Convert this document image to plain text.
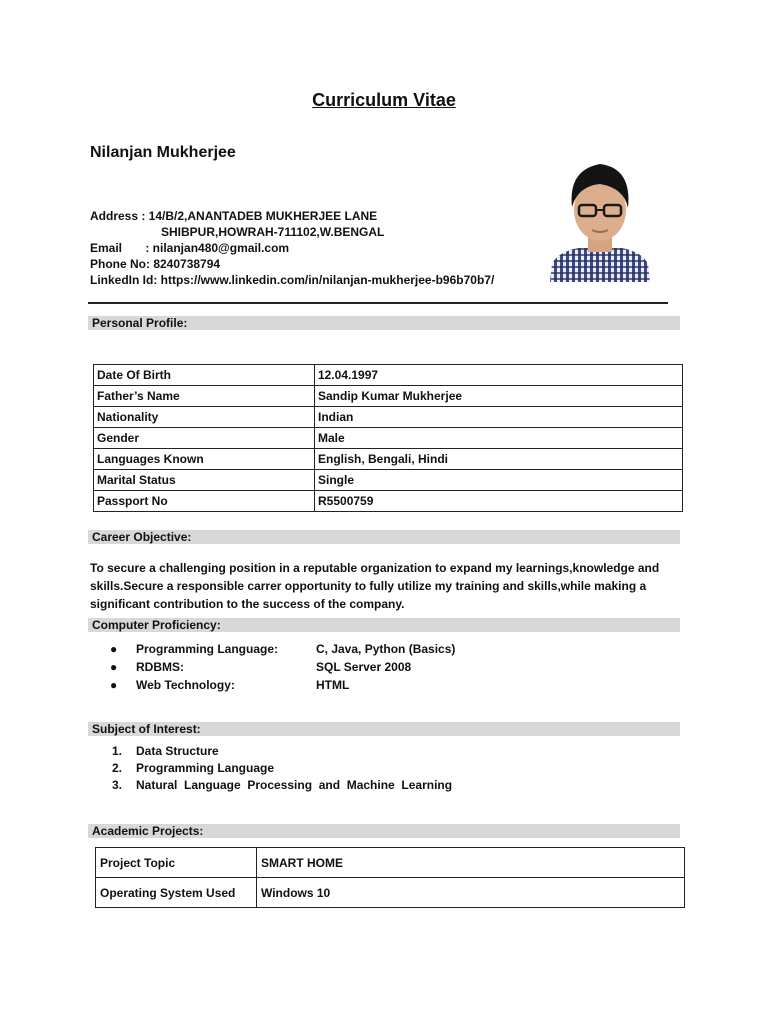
Curriculum Vitae
Nilanjan Mukherjee
Address : 14/B/2,ANANTADEB MUKHERJEE LANE
SHIBPUR,HOWRAH-711102,W.BENGAL
Email       : nilanjan480@gmail.com
Phone No: 8240738794
LinkedIn Id: https://www.linkedin.com/in/nilanjan-mukherjee-b96b70b7/
Personal Profile:
Date Of Birth	12.04.1997
Father’s Name	Sandip Kumar Mukherjee
Nationality	Indian
Gender	Male
Languages Known	English, Bengali, Hindi
Marital Status	Single
Passport No	R5500759
Career Objective:
To secure a challenging position in a reputable organization to expand my learnings,knowledge and skills.Secure a responsible carrer opportunity to fully utilize my training and skills,while making a significant contribution to the success of the company.
Computer Proficiency:
● Programming Language:	C, Java, Python (Basics)
● RDBMS:	SQL Server 2008
● Web Technology:	HTML
Subject of Interest:
1. Data Structure
2. Programming Language
3. Natural  Language  Processing  and  Machine  Learning
Academic Projects:
Project Topic	SMART HOME
Operating System Used	Windows 10
